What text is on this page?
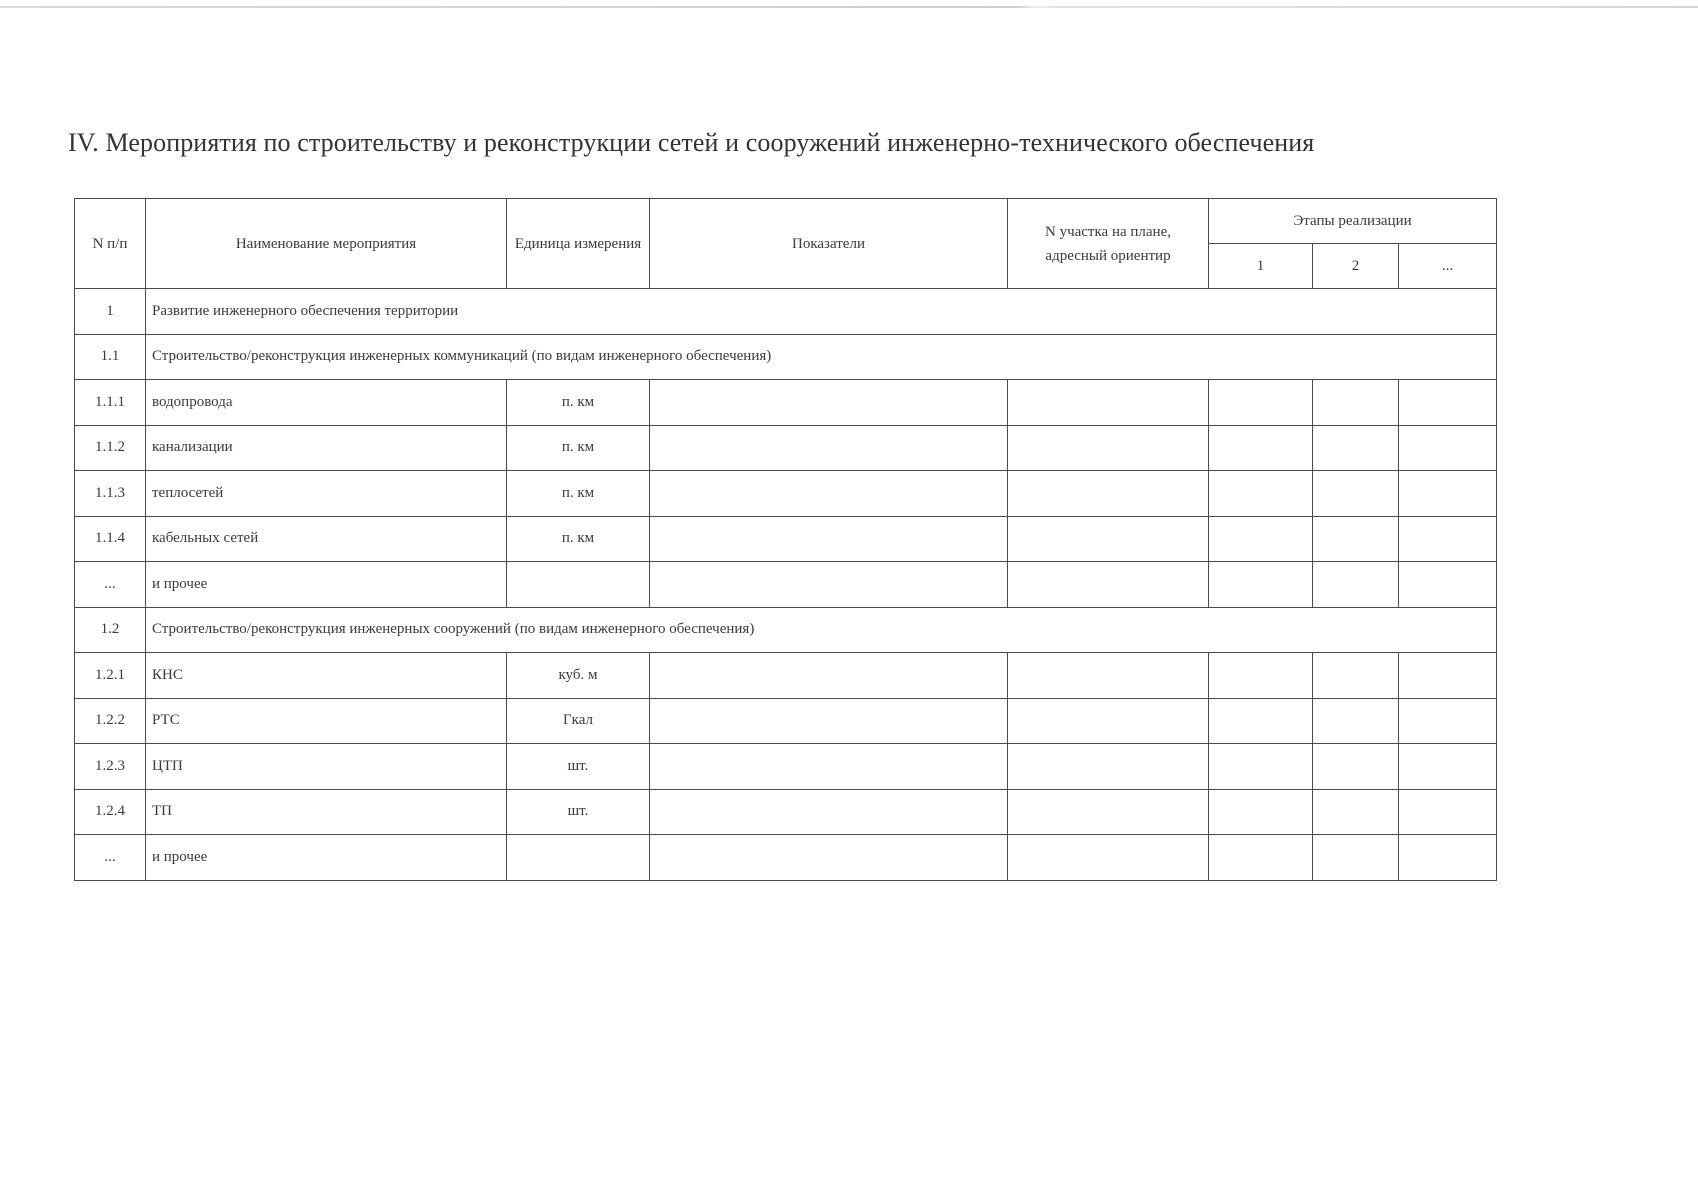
IV. Мероприятия по строительству и реконструкции сетей и сооружений инженерно-технического обеспечения
N п/п	Наименование мероприятия	Единица измерения	Показатели	N участка на плане, адресный ориентир	Этапы реализации		
					1	2	...
1	Развитие инженерного обеспечения территории						
1.1	Строительство/реконструкция инженерных коммуникаций (по видам инженерного обеспечения)						
1.1.1	водопровода	п. км					
1.1.2	канализации	п. км					
1.1.3	теплосетей	п. км					
1.1.4	кабельных сетей	п. км					
...	и прочее						
1.2	Строительство/реконструкция инженерных сооружений (по видам инженерного обеспечения)						
1.2.1	КНС	куб. м					
1.2.2	РТС	Гкал					
1.2.3	ЦТП	шт.					
1.2.4	ТП	шт.					
...	и прочее						
